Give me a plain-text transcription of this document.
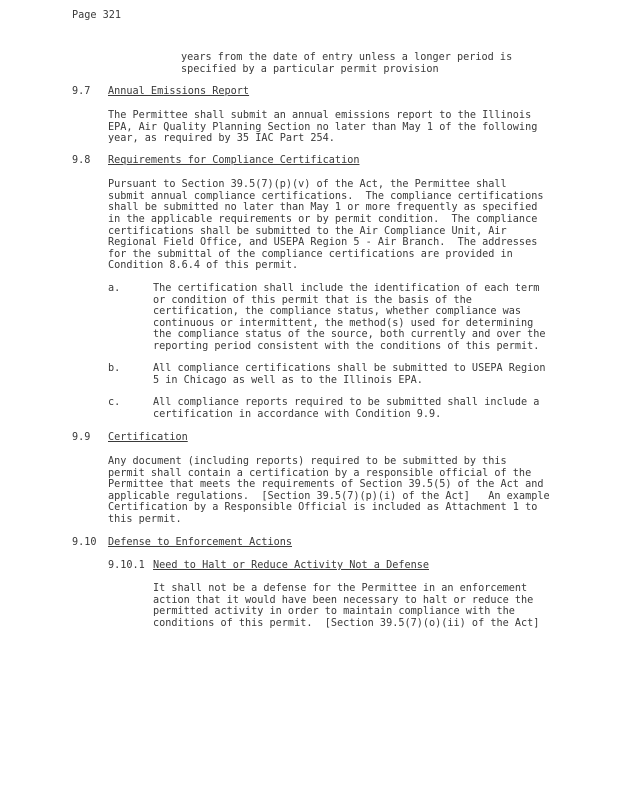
Page 321
years from the date of entry unless a longer period is
specified by a particular permit provision
9.7 Annual Emissions Report
The Permittee shall submit an annual emissions report to the Illinois
EPA, Air Quality Planning Section no later than May 1 of the following
year, as required by 35 IAC Part 254.
9.8 Requirements for Compliance Certification
Pursuant to Section 39.5(7)(p)(v) of the Act, the Permittee shall
submit annual compliance certifications.  The compliance certifications
shall be submitted no later than May 1 or more frequently as specified
in the applicable requirements or by permit condition.  The compliance
certifications shall be submitted to the Air Compliance Unit, Air
Regional Field Office, and USEPA Region 5 - Air Branch.  The addresses
for the submittal of the compliance certifications are provided in
Condition 8.6.4 of this permit.
a.	The certification shall include the identification of each term
or condition of this permit that is the basis of the
certification, the compliance status, whether compliance was
continuous or intermittent, the method(s) used for determining
the compliance status of the source, both currently and over the
reporting period consistent with the conditions of this permit.
b.	All compliance certifications shall be submitted to USEPA Region
5 in Chicago as well as to the Illinois EPA.
c.	All compliance reports required to be submitted shall include a
certification in accordance with Condition 9.9.
9.9 Certification
Any document (including reports) required to be submitted by this
permit shall contain a certification by a responsible official of the
Permittee that meets the requirements of Section 39.5(5) of the Act and
applicable regulations.  [Section 39.5(7)(p)(i) of the Act]   An example
Certification by a Responsible Official is included as Attachment 1 to
this permit.
9.10 Defense to Enforcement Actions
9.10.1 Need to Halt or Reduce Activity Not a Defense
It shall not be a defense for the Permittee in an enforcement
action that it would have been necessary to halt or reduce the
permitted activity in order to maintain compliance with the
conditions of this permit.  [Section 39.5(7)(o)(ii) of the Act]
